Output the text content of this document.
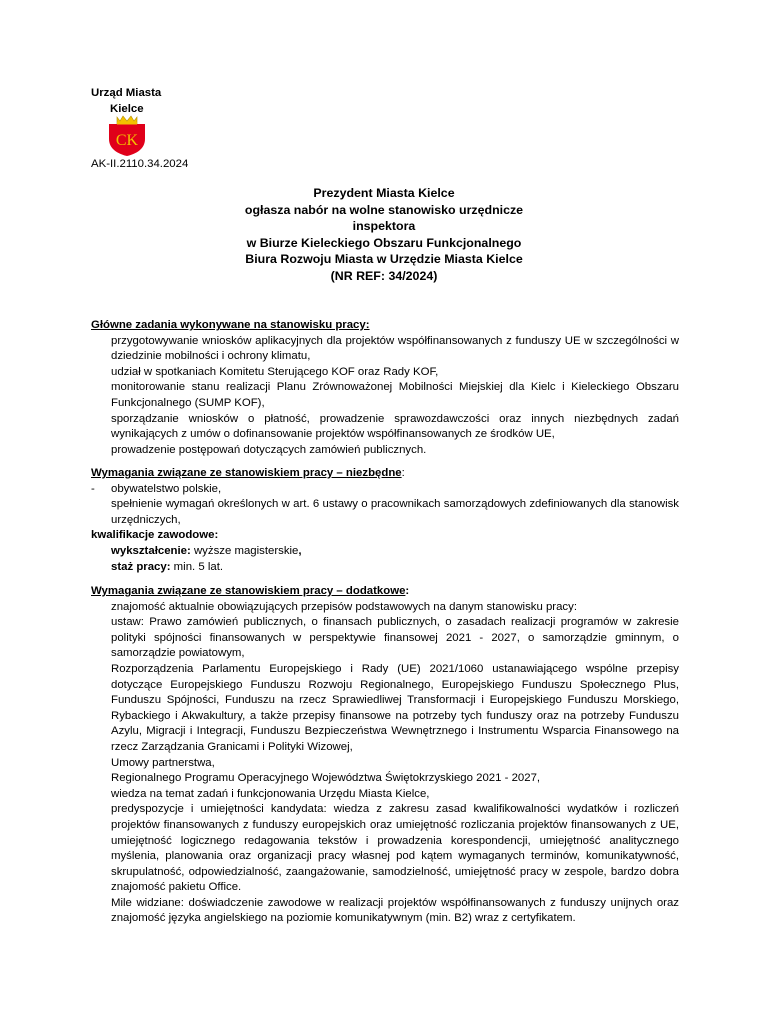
Urząd Miasta
Kielce
CK
AK-II.2110.34.2024
Prezydent Miasta Kielce
ogłasza nabór na wolne stanowisko urzędnicze
inspektora
w Biurze Kieleckiego Obszaru Funkcjonalnego
Biura Rozwoju Miasta w Urzędzie Miasta Kielce
(NR REF: 34/2024)
Główne zadania wykonywane na stanowisku pracy:
przygotowywanie wniosków aplikacyjnych dla projektów współfinansowanych z funduszy UE w szczególności w dziedzinie mobilności i ochrony klimatu,
udział w spotkaniach Komitetu Sterującego KOF oraz Rady KOF,
monitorowanie stanu realizacji Planu Zrównoważonej Mobilności Miejskiej dla Kielc i Kieleckiego Obszaru Funkcjonalnego (SUMP KOF),
sporządzanie wniosków o płatność, prowadzenie sprawozdawczości oraz innych niezbędnych zadań wynikających z umów o dofinansowanie projektów współfinansowanych ze środków UE,
prowadzenie postępowań dotyczących zamówień publicznych.
Wymagania związane ze stanowiskiem pracy – niezbędne:
- obywatelstwo polskie,
spełnienie wymagań określonych w art. 6 ustawy o pracownikach samorządowych zdefiniowanych dla stanowisk urzędniczych,
kwalifikacje zawodowe:
wykształcenie: wyższe magisterskie,
staż pracy: min. 5 lat.
Wymagania związane ze stanowiskiem pracy – dodatkowe:
znajomość aktualnie obowiązujących przepisów podstawowych na danym stanowisku pracy:
ustaw: Prawo zamówień publicznych, o finansach publicznych, o zasadach realizacji programów w zakresie polityki spójności finansowanych w perspektywie finansowej 2021 - 2027, o samorządzie gminnym, o samorządzie powiatowym,
Rozporządzenia Parlamentu Europejskiego i Rady (UE) 2021/1060 ustanawiającego wspólne przepisy dotyczące Europejskiego Funduszu Rozwoju Regionalnego, Europejskiego Funduszu Społecznego Plus, Funduszu Spójności, Funduszu na rzecz Sprawiedliwej Transformacji i Europejskiego Funduszu Morskiego, Rybackiego i Akwakultury, a także przepisy finansowe na potrzeby tych funduszy oraz na potrzeby Funduszu Azylu, Migracji i Integracji, Funduszu Bezpieczeństwa Wewnętrznego i Instrumentu Wsparcia Finansowego na rzecz Zarządzania Granicami i Polityki Wizowej,
Umowy partnerstwa,
Regionalnego Programu Operacyjnego Województwa Świętokrzyskiego 2021 - 2027,
wiedza na temat zadań i funkcjonowania Urzędu Miasta Kielce,
predyspozycje i umiejętności kandydata: wiedza z zakresu zasad kwalifikowalności wydatków i rozliczeń projektów finansowanych z funduszy europejskich oraz umiejętność rozliczania projektów finansowanych z UE, umiejętność logicznego redagowania tekstów i prowadzenia korespondencji, umiejętność analitycznego myślenia, planowania oraz organizacji pracy własnej pod kątem wymaganych terminów, komunikatywność, skrupulatność, odpowiedzialność, zaangażowanie, samodzielność, umiejętność pracy w zespole, bardzo dobra znajomość pakietu Office.
Mile widziane: doświadczenie zawodowe w realizacji projektów współfinansowanych z funduszy unijnych oraz znajomość języka angielskiego na poziomie komunikatywnym (min. B2) wraz z certyfikatem.
